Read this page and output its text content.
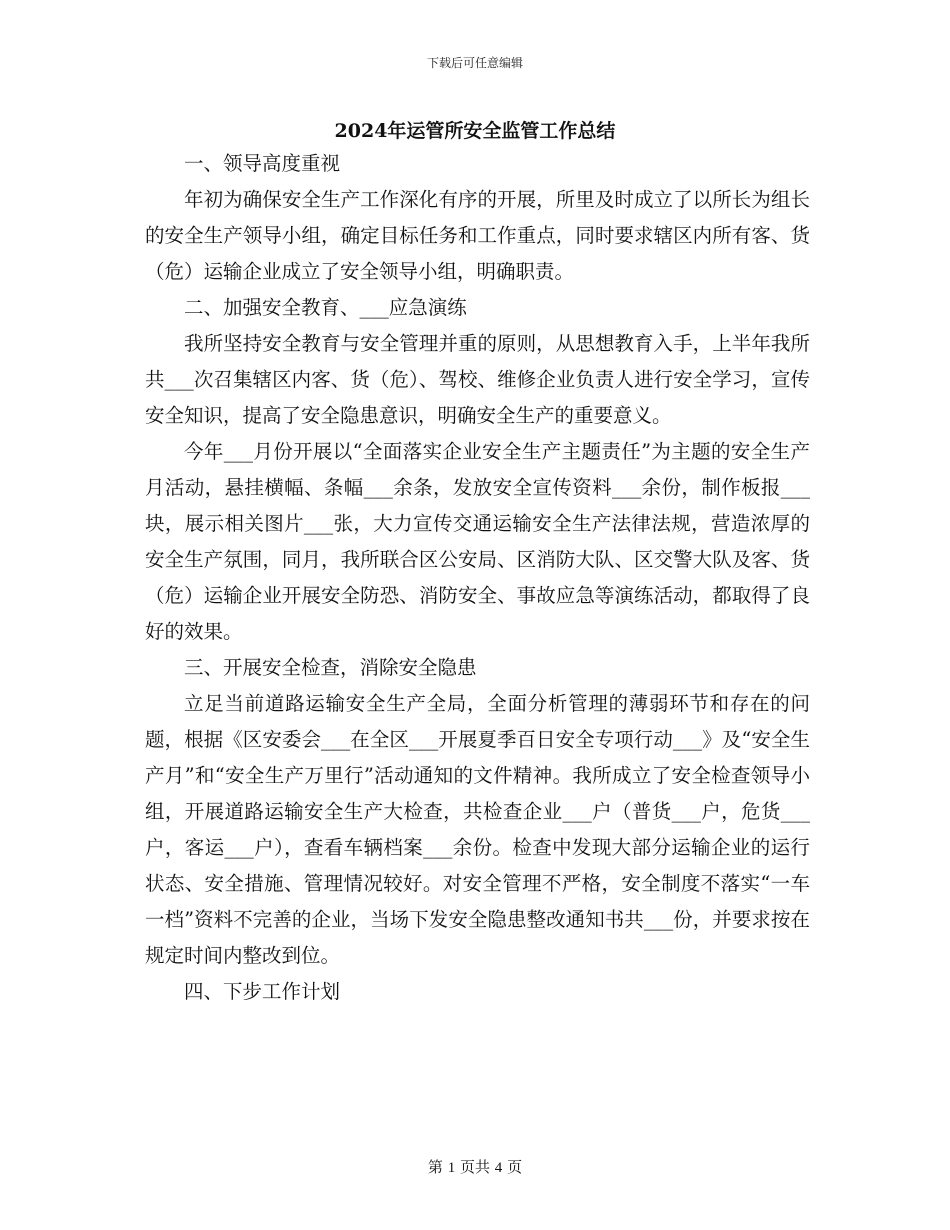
下载后可任意编辑
2024年运管所安全监管工作总结

一、领导高度重视

年初为确保安全生产工作深化有序的开展，所里及时成立了以所长为组长的安全生产领导小组，确定目标任务和工作重点，同时要求辖区内所有客、货（危）运输企业成立了安全领导小组，明确职责。

二、加强安全教育、___应急演练

我所坚持安全教育与安全管理并重的原则，从思想教育入手，上半年我所共___次召集辖区内客、货（危）、驾校、维修企业负责人进行安全学习，宣传安全知识，提高了安全隐患意识，明确安全生产的重要意义。

今年___月份开展以“全面落实企业安全生产主题责任”为主题的安全生产月活动，悬挂横幅、条幅___余条，发放安全宣传资料___余份，制作板报___块，展示相关图片___张，大力宣传交通运输安全生产法律法规，营造浓厚的安全生产氛围，同月，我所联合区公安局、区消防大队、区交警大队及客、货（危）运输企业开展安全防恐、消防安全、事故应急等演练活动，都取得了良好的效果。

三、开展安全检查，消除安全隐患

立足当前道路运输安全生产全局，全面分析管理的薄弱环节和存在的问题，根据《区安委会___在全区___开展夏季百日安全专项行动___》及“安全生产月”和“安全生产万里行”活动通知的文件精神。我所成立了安全检查领导小组，开展道路运输安全生产大检查，共检查企业___户（普货___户，危货___户，客运___户），查看车辆档案___余份。检查中发现大部分运输企业的运行状态、安全措施、管理情况较好。对安全管理不严格，安全制度不落实“一车一档”资料不完善的企业，当场下发安全隐患整改通知书共___份，并要求按在规定时间内整改到位。

四、下步工作计划

第 1 页共 4 页
